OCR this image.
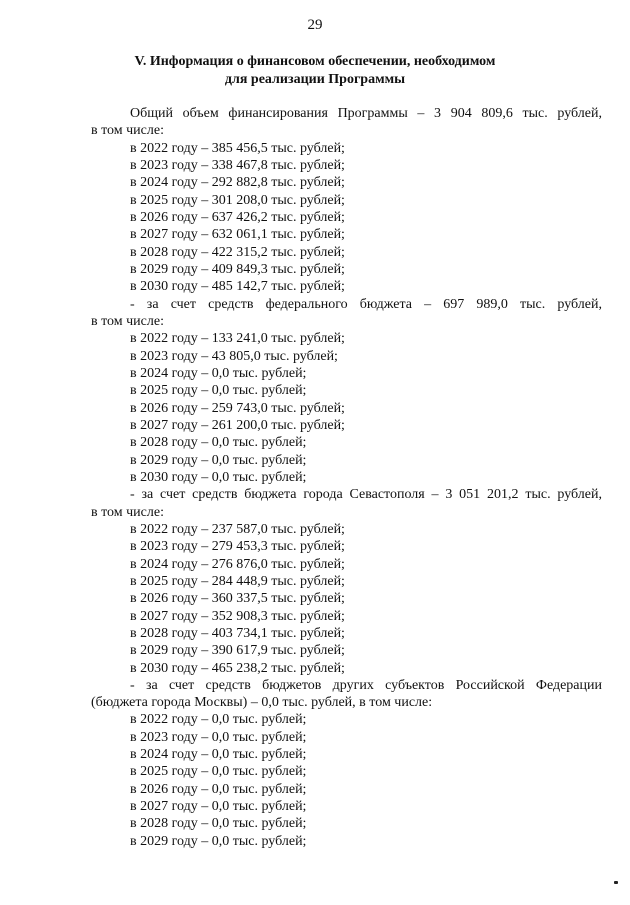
29
V. Информация о финансовом обеспечении, необходимом
для реализации Программы
Общий объем финансирования Программы – 3 904 809,6 тыс. рублей,
в том числе:
в 2022 году – 385 456,5 тыс. рублей;
в 2023 году – 338 467,8 тыс. рублей;
в 2024 году – 292 882,8 тыс. рублей;
в 2025 году – 301 208,0 тыс. рублей;
в 2026 году – 637 426,2 тыс. рублей;
в 2027 году – 632 061,1 тыс. рублей;
в 2028 году – 422 315,2 тыс. рублей;
в 2029 году – 409 849,3 тыс. рублей;
в 2030 году – 485 142,7 тыс. рублей;
- за счет средств федерального бюджета – 697 989,0 тыс. рублей,
в том числе:
в 2022 году – 133 241,0 тыс. рублей;
в 2023 году – 43 805,0 тыс. рублей;
в 2024 году – 0,0 тыс. рублей;
в 2025 году – 0,0 тыс. рублей;
в 2026 году – 259 743,0 тыс. рублей;
в 2027 году – 261 200,0 тыс. рублей;
в 2028 году – 0,0 тыс. рублей;
в 2029 году – 0,0 тыс. рублей;
в 2030 году – 0,0 тыс. рублей;
- за счет средств бюджета города Севастополя – 3 051 201,2 тыс. рублей,
в том числе:
в 2022 году – 237 587,0 тыс. рублей;
в 2023 году – 279 453,3 тыс. рублей;
в 2024 году – 276 876,0 тыс. рублей;
в 2025 году – 284 448,9 тыс. рублей;
в 2026 году – 360 337,5 тыс. рублей;
в 2027 году – 352 908,3 тыс. рублей;
в 2028 году – 403 734,1 тыс. рублей;
в 2029 году – 390 617,9 тыс. рублей;
в 2030 году – 465 238,2 тыс. рублей;
- за счет средств бюджетов других субъектов Российской Федерации
(бюджета города Москвы) – 0,0 тыс. рублей, в том числе:
в 2022 году – 0,0 тыс. рублей;
в 2023 году – 0,0 тыс. рублей;
в 2024 году – 0,0 тыс. рублей;
в 2025 году – 0,0 тыс. рублей;
в 2026 году – 0,0 тыс. рублей;
в 2027 году – 0,0 тыс. рублей;
в 2028 году – 0,0 тыс. рублей;
в 2029 году – 0,0 тыс. рублей;
